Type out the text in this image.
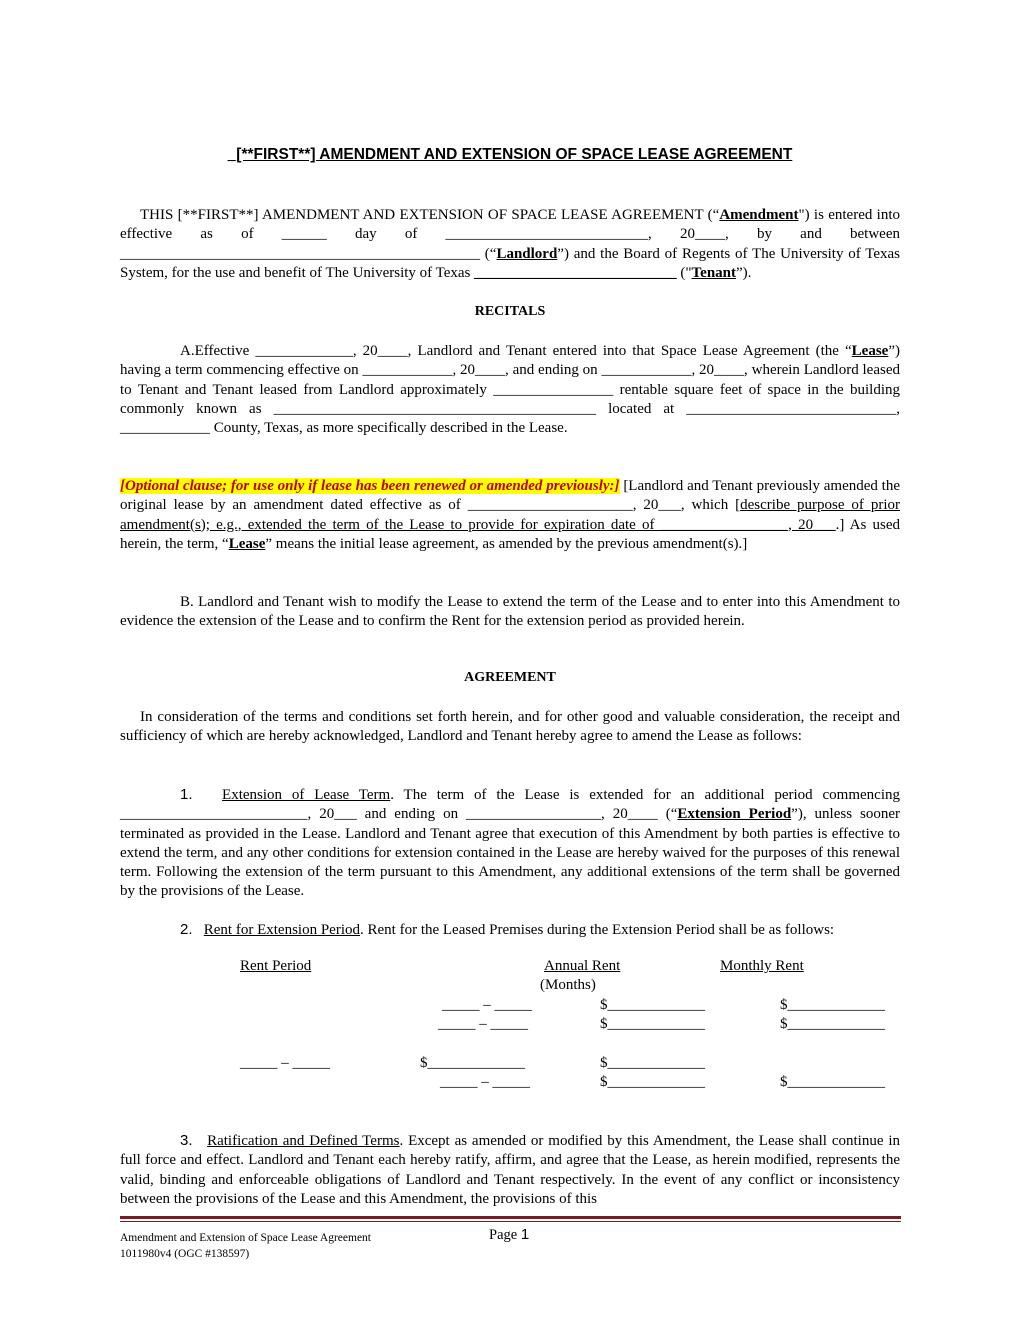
_[**FIRST**] AMENDMENT AND EXTENSION OF SPACE LEASE AGREEMENT

THIS [**FIRST**] AMENDMENT AND EXTENSION OF SPACE LEASE AGREEMENT (“Amendment") is entered into effective as of ______ day of ___________________________, 20____, by and between ________________________________________________ (“Landlord”) and the Board of Regents of The University of Texas System, for the use and benefit of The University of Texas ___________________________ ("Tenant”).

RECITALS

A.Effective _____________, 20____, Landlord and Tenant entered into that Space Lease Agreement (the “Lease”) having a term commencing effective on ____________, 20____, and ending on ____________, 20____, wherein Landlord leased to Tenant and Tenant leased from Landlord approximately ________________ rentable square feet of space in the building commonly known as ___________________________________________ located at ____________________________, ____________ County, Texas, as more specifically described in the Lease.

[Optional clause; for use only if lease has been renewed or amended previously:] [Landlord and Tenant previously amended the original lease by an amendment dated effective as of ______________________, 20___, which [describe purpose of prior amendment(s); e.g., extended the term of the Lease to provide for expiration date of _________________, 20___.] As used herein, the term, “Lease” means the initial lease agreement, as amended by the previous amendment(s).]

B. Landlord and Tenant wish to modify the Lease to extend the term of the Lease and to enter into this Amendment to evidence the extension of the Lease and to confirm the Rent for the extension period as provided herein.

AGREEMENT

In consideration of the terms and conditions set forth herein, and for other good and valuable consideration, the receipt and sufficiency of which are hereby acknowledged, Landlord and Tenant hereby agree to amend the Lease as follows:

1. Extension of Lease Term. The term of the Lease is extended for an additional period commencing _________________________, 20___ and ending on __________________, 20____ (“Extension Period”), unless sooner terminated as provided in the Lease. Landlord and Tenant agree that execution of this Amendment by both parties is effective to extend the term, and any other conditions for extension contained in the Lease are hereby waived for the purposes of this renewal term. Following the extension of the term pursuant to this Amendment, any additional extensions of the term shall be governed by the provisions of the Lease.

2. Rent for Extension Period. Rent for the Leased Premises during the Extension Period shall be as follows:

Rent Period	Annual Rent	Monthly Rent
(Months)
_____ – _____	$_____________	$_____________
_____ – _____	$_____________	$_____________
_____ – _____	$_____________	$_____________
_____ – _____	$_____________	$_____________

3. Ratification and Defined Terms. Except as amended or modified by this Amendment, the Lease shall continue in full force and effect. Landlord and Tenant each hereby ratify, affirm, and agree that the Lease, as herein modified, represents the valid, binding and enforceable obligations of Landlord and Tenant respectively. In the event of any conflict or inconsistency between the provisions of the Lease and this Amendment, the provisions of this

Amendment and Extension of Space Lease Agreement
1011980v4 (OGC #138597)
Page 1
